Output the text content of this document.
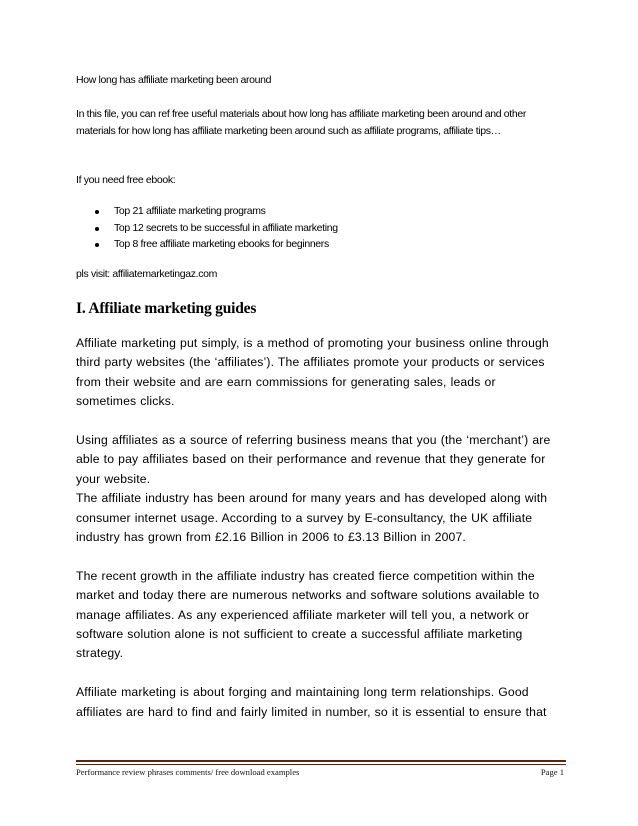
How long has affiliate marketing been around
In this file, you can ref free useful materials about how long has affiliate marketing been around and other materials for how long has affiliate marketing been around such as affiliate programs, affiliate tips…
If you need free ebook:
Top 21 affiliate marketing programs
Top 12 secrets to be successful in affiliate marketing
Top 8 free affiliate marketing ebooks for beginners
pls visit: affiliatemarketingaz.com
I. Affiliate marketing guides

Affiliate marketing put simply, is a method of promoting your business online through third party websites (the ‘affiliates’). The affiliates promote your products or services from their website and are earn commissions for generating sales, leads or sometimes clicks.

Using affiliates as a source of referring business means that you (the ‘merchant’) are able to pay affiliates based on their performance and revenue that they generate for your website.

The affiliate industry has been around for many years and has developed along with consumer internet usage. According to a survey by E-consultancy, the UK affiliate industry has grown from £2.16 Billion in 2006 to £3.13 Billion in 2007.

The recent growth in the affiliate industry has created fierce competition within the market and today there are numerous networks and software solutions available to manage affiliates. As any experienced affiliate marketer will tell you, a network or software solution alone is not sufficient to create a successful affiliate marketing strategy.

Affiliate marketing is about forging and maintaining long term relationships. Good affiliates are hard to find and fairly limited in number, so it is essential to ensure that

Performance review phrases comments/ free download examples	Page 1
